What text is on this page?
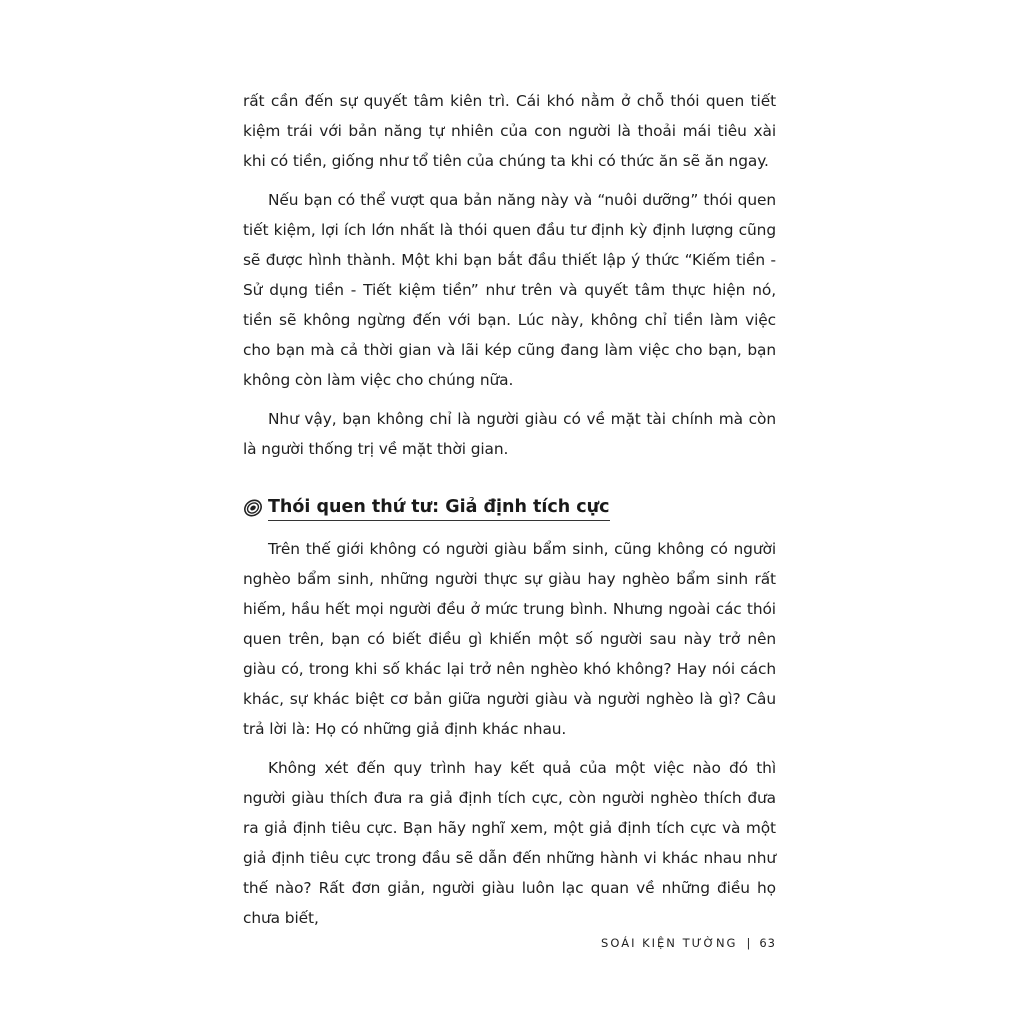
rất cần đến sự quyết tâm kiên trì. Cái khó nằm ở chỗ thói quen tiết kiệm trái với bản năng tự nhiên của con người là thoải mái tiêu xài khi có tiền, giống như tổ tiên của chúng ta khi có thức ăn sẽ ăn ngay.

Nếu bạn có thể vượt qua bản năng này và “nuôi dưỡng” thói quen tiết kiệm, lợi ích lớn nhất là thói quen đầu tư định kỳ định lượng cũng sẽ được hình thành. Một khi bạn bắt đầu thiết lập ý thức “Kiếm tiền - Sử dụng tiền - Tiết kiệm tiền” như trên và quyết tâm thực hiện nó, tiền sẽ không ngừng đến với bạn. Lúc này, không chỉ tiền làm việc cho bạn mà cả thời gian và lãi kép cũng đang làm việc cho bạn, bạn không còn làm việc cho chúng nữa.

Như vậy, bạn không chỉ là người giàu có về mặt tài chính mà còn là người thống trị về mặt thời gian.

Thói quen thứ tư: Giả định tích cực

Trên thế giới không có người giàu bẩm sinh, cũng không có người nghèo bẩm sinh, những người thực sự giàu hay nghèo bẩm sinh rất hiếm, hầu hết mọi người đều ở mức trung bình. Nhưng ngoài các thói quen trên, bạn có biết điều gì khiến một số người sau này trở nên giàu có, trong khi số khác lại trở nên nghèo khó không? Hay nói cách khác, sự khác biệt cơ bản giữa người giàu và người nghèo là gì? Câu trả lời là: Họ có những giả định khác nhau.

Không xét đến quy trình hay kết quả của một việc nào đó thì người giàu thích đưa ra giả định tích cực, còn người nghèo thích đưa ra giả định tiêu cực. Bạn hãy nghĩ xem, một giả định tích cực và một giả định tiêu cực trong đầu sẽ dẫn đến những hành vi khác nhau như thế nào? Rất đơn giản, người giàu luôn lạc quan về những điều họ chưa biết,

SOÁI KIỆN TƯỜNG | 63
